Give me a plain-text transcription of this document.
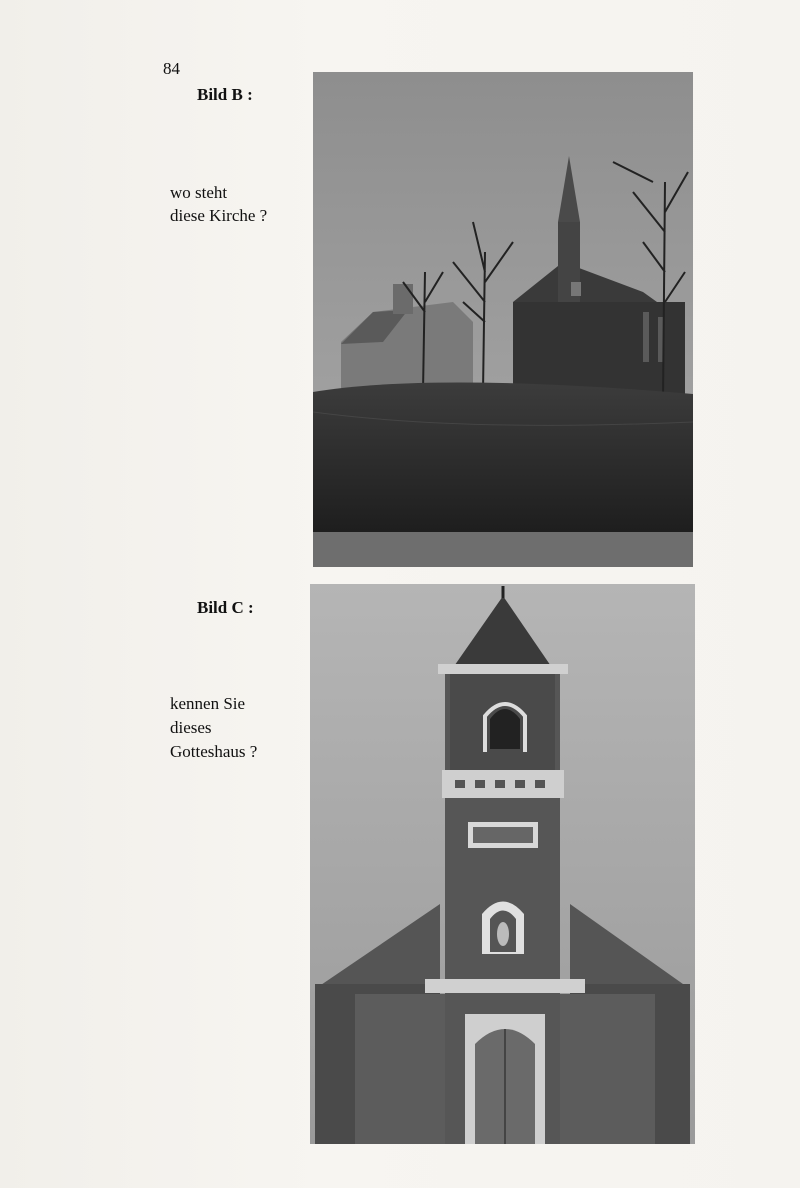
84
Bild B :
wo steht
diese Kirche ?
Bild C :
kennen Sie
dieses
Gotteshaus ?
